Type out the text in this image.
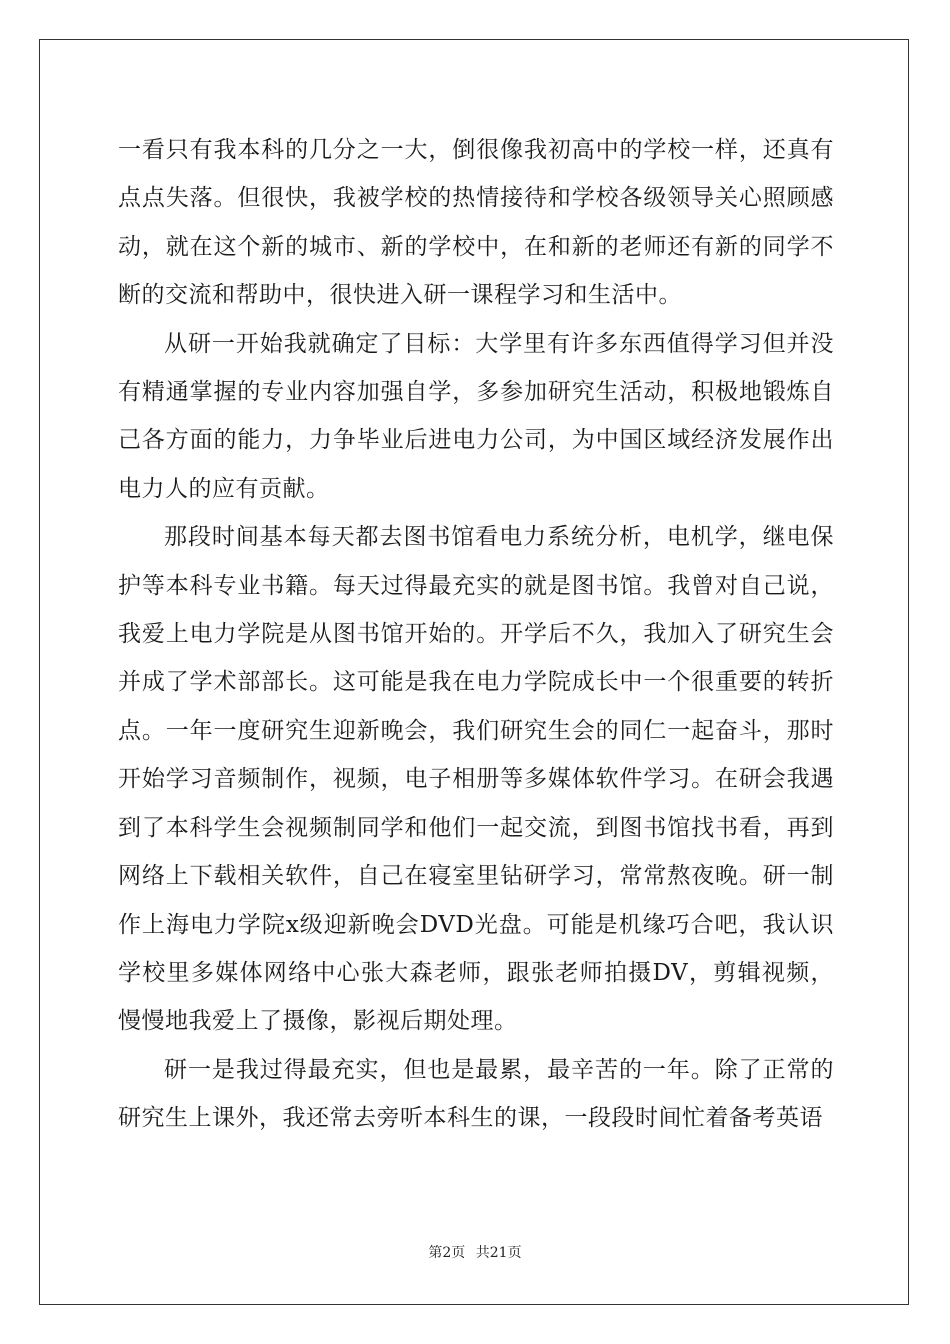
一看只有我本科的几分之一大，倒很像我初高中的学校一样，还真有点点失落。但很快，我被学校的热情接待和学校各级领导关心照顾感动，就在这个新的城市、新的学校中，在和新的老师还有新的同学不断的交流和帮助中，很快进入研一课程学习和生活中。

从研一开始我就确定了目标：大学里有许多东西值得学习但并没有精通掌握的专业内容加强自学，多参加研究生活动，积极地锻炼自己各方面的能力，力争毕业后进电力公司，为中国区域经济发展作出电力人的应有贡献。

那段时间基本每天都去图书馆看电力系统分析，电机学，继电保护等本科专业书籍。每天过得最充实的就是图书馆。我曾对自己说，我爱上电力学院是从图书馆开始的。开学后不久，我加入了研究生会并成了学术部部长。这可能是我在电力学院成长中一个很重要的转折点。一年一度研究生迎新晚会，我们研究生会的同仁一起奋斗，那时开始学习音频制作，视频，电子相册等多媒体软件学习。在研会我遇到了本科学生会视频制同学和他们一起交流，到图书馆找书看，再到网络上下载相关软件，自己在寝室里钻研学习，常常熬夜晚。研一制作上海电力学院x级迎新晚会DVD光盘。可能是机缘巧合吧，我认识学校里多媒体网络中心张大森老师，跟张老师拍摄DV，剪辑视频，慢慢地我爱上了摄像，影视后期处理。

研一是我过得最充实，但也是最累，最辛苦的一年。除了正常的研究生上课外，我还常去旁听本科生的课，一段段时间忙着备考英语

第2页 共21页
